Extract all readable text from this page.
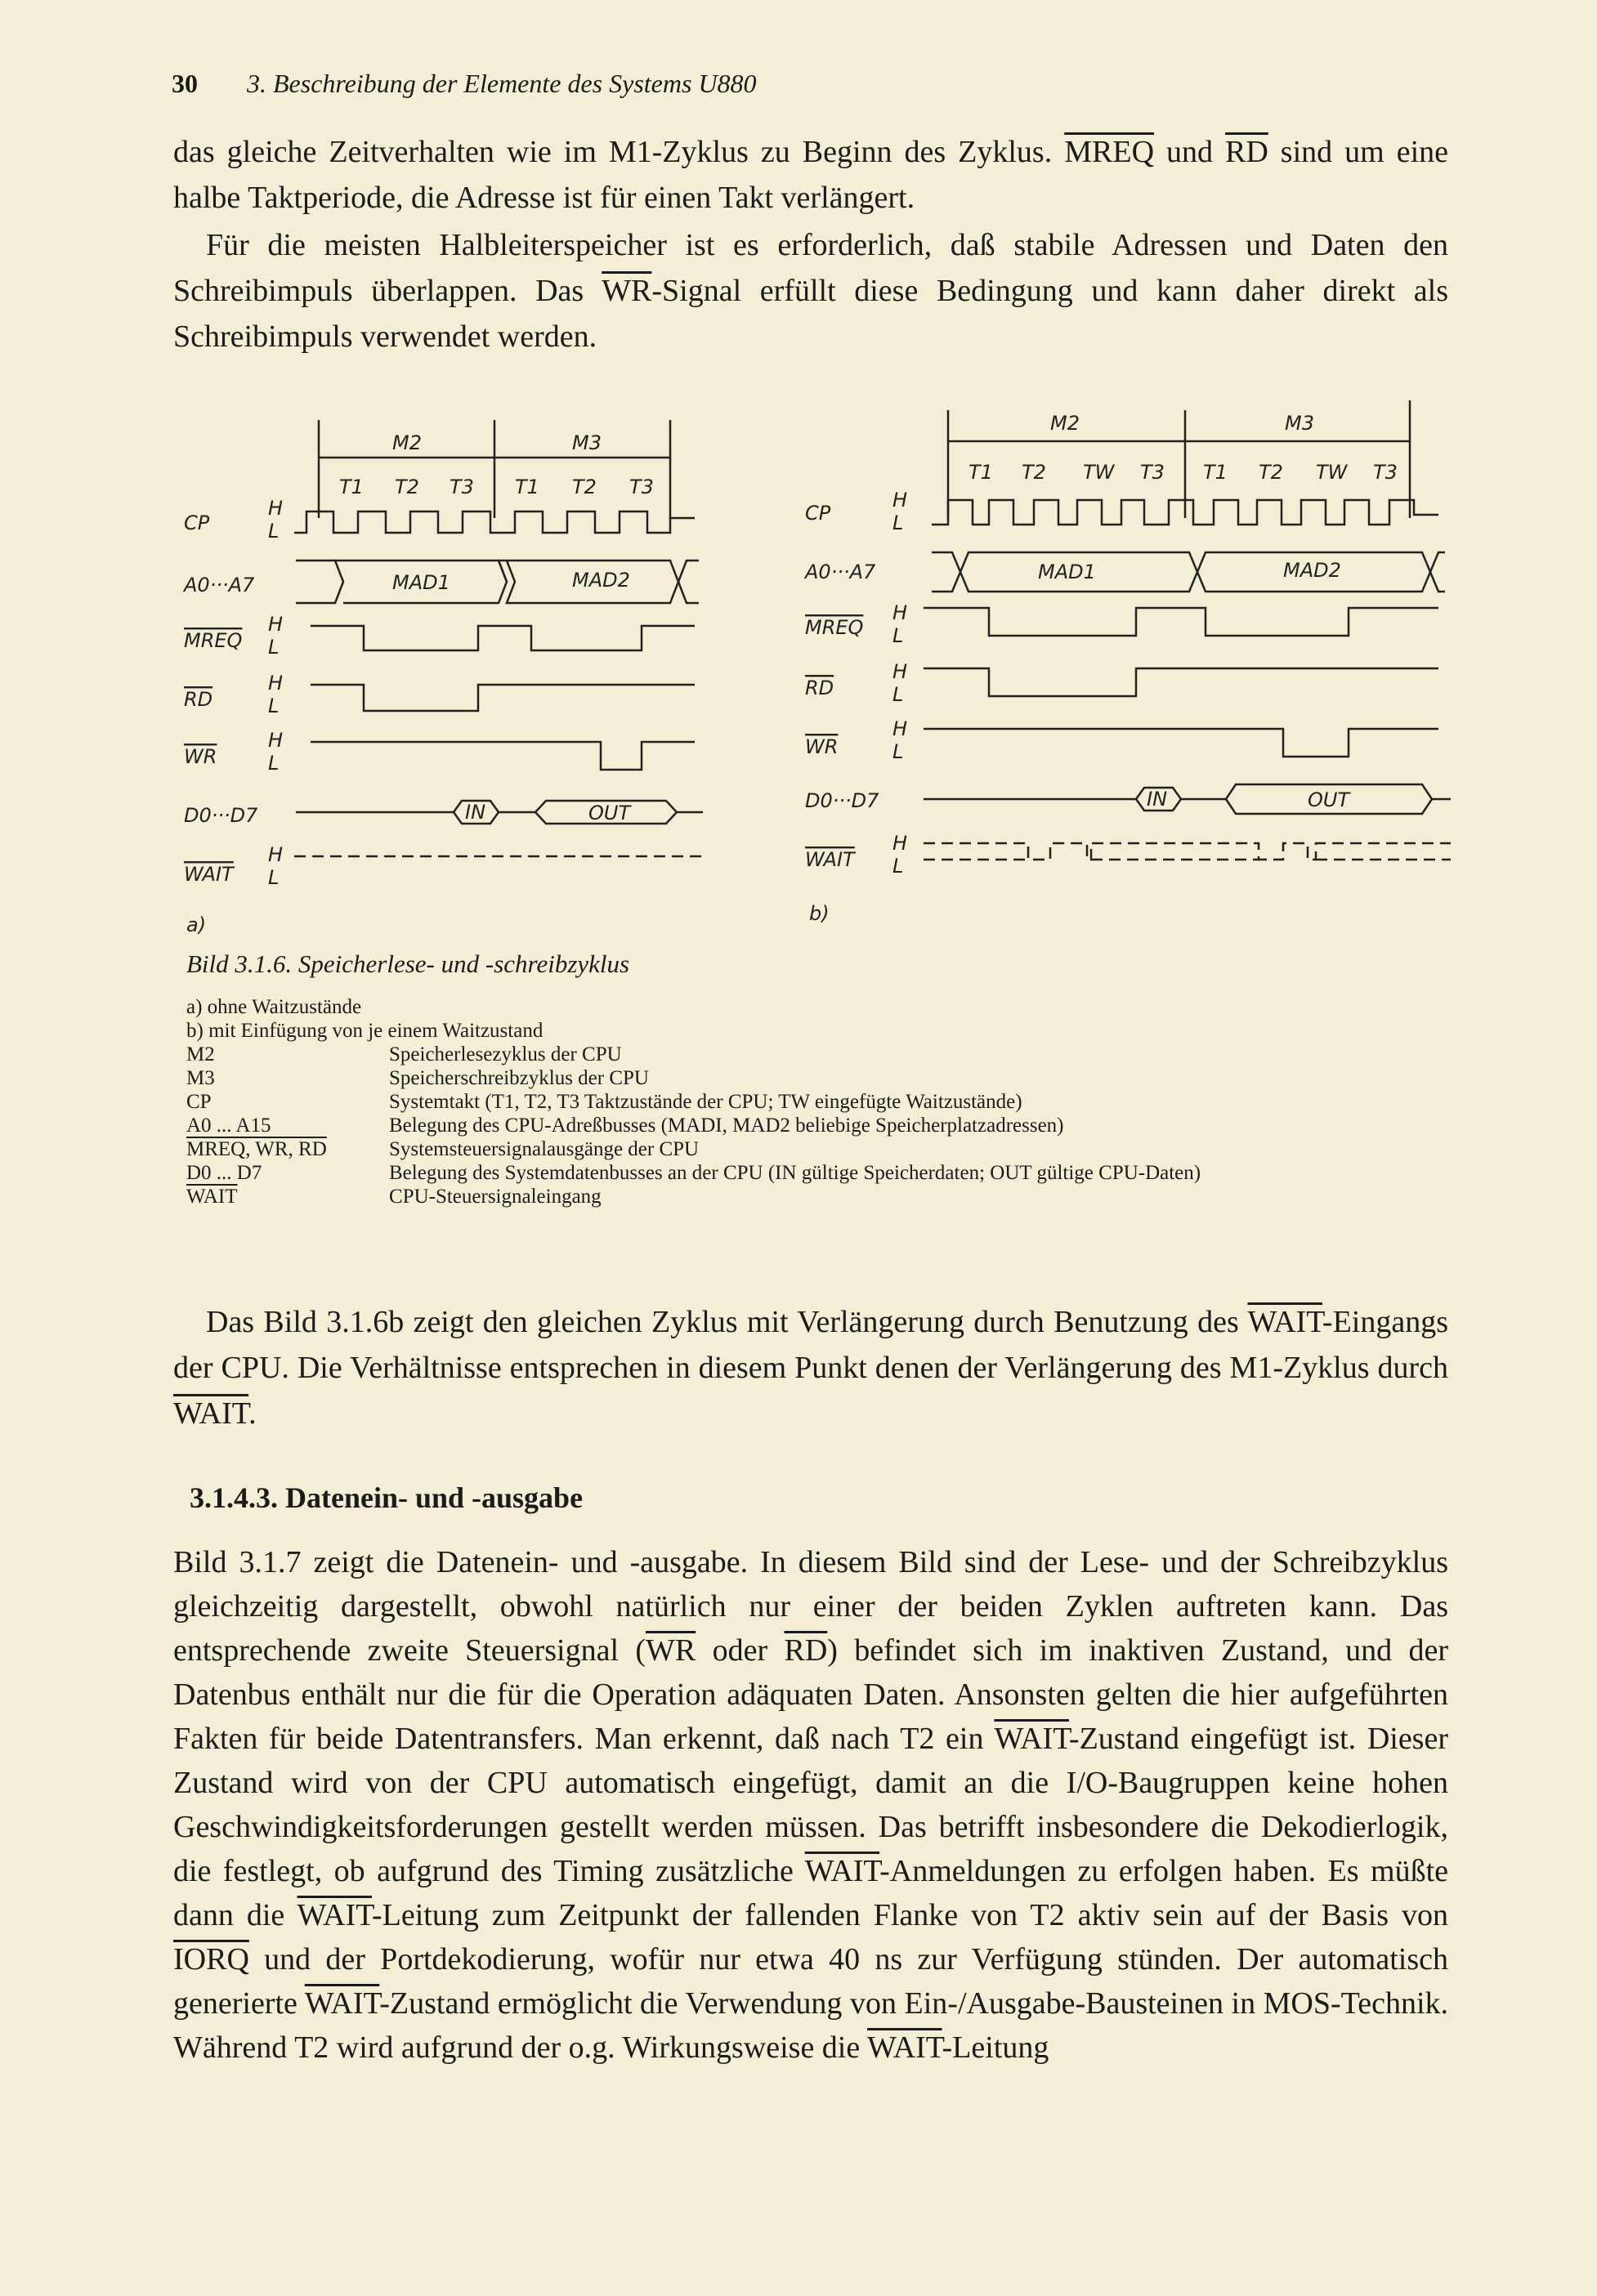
30 3. Beschreibung der Elemente des Systems U880
das gleiche Zeitverhalten wie im M1-Zyklus zu Beginn des Zyklus. MREQ und $\overline{RD}$ sind um eine halbe Taktperiode, die Adresse ist für einen Takt verlängert.
Für die meisten Halbleiterspeicher ist es erforderlich, daß stabile Adressen und Daten den Schreibimpuls überlappen. Das $\overline{WR}$-Signal erfüllt diese Bedingung und kann daher direkt als Schreibimpuls verwendet werden.
M2	M3
T1 T2 T3 T1 T2 T3
CP
A0···A7
MREQ
RD
WR
D0···D7
WAIT
H
L
H
L
H
L
H
L
H
L
MAD1	MAD2
IN	OUT
a)
M2	M3
T1 T2 TW T3 T1 T2 TW T3
CP
A0···A7
MREQ
RD
WR
D0···D7
WAIT
H
L
H
L
H
L
H
L
H
L
MAD1	MAD2
IN	OUT
b)
Bild 3.1.6. Speicherlese- und -schreibzyklus
a) ohne Waitzustände
b) mit Einfügung von je einem Waitzustand
M2	Speicherlesezyklus der CPU
M3	Speicherschreibzyklus der CPU
CP	Systemtakt (T1, T2, T3 Taktzustände der CPU; TW eingefügte Waitzustände)
A0 ... A15	Belegung des CPU-Adreßbusses (MADI, MAD2 beliebige Speicherplatzadressen)
MREQ, WR, RD	Systemsteuersignalausgänge der CPU
D0 ... D7	Belegung des Systemdatenbusses an der CPU (IN gültige Speicherdaten; OUT gültige CPU-Daten)
WAIT	CPU-Steuersignaleingang
Das Bild 3.1.6b zeigt den gleichen Zyklus mit Verlängerung durch Benutzung des WAIT-Eingangs der CPU. Die Verhältnisse entsprechen in diesem Punkt denen der Verlängerung des M1-Zyklus durch WAIT.
3.1.4.3. Datenein- und -ausgabe
Bild 3.1.7 zeigt die Datenein- und -ausgabe. In diesem Bild sind der Lese- und der Schreibzyklus gleichzeitig dargestellt, obwohl natürlich nur einer der beiden Zyklen auftreten kann. Das entsprechende zweite Steuersignal ($\overline{WR}$ oder $\overline{RD}$) befindet sich im inaktiven Zustand, und der Datenbus enthält nur die für die Operation adäquaten Daten. Ansonsten gelten die hier aufgeführten Fakten für beide Datentransfers. Man erkennt, daß nach T2 ein WAIT-Zustand eingefügt ist. Dieser Zustand wird von der CPU automatisch eingefügt, damit an die I/O-Baugruppen keine hohen Geschwindigkeitsforderungen gestellt werden müssen. Das betrifft insbesondere die Dekodierlogik, die festlegt, ob aufgrund des Timing zusätzliche WAIT-Anmeldungen zu erfolgen haben. Es müßte dann die WAIT-Leitung zum Zeitpunkt der fallenden Flanke von T2 aktiv sein auf der Basis von IORQ und der Portdekodierung, wofür nur etwa 40 ns zur Verfügung stünden. Der automatisch generierte WAIT-Zustand ermöglicht die Verwendung von Ein-/Ausgabe-Bausteinen in MOS-Technik. Während T2 wird aufgrund der o.g. Wirkungsweise die WAIT-Leitung
